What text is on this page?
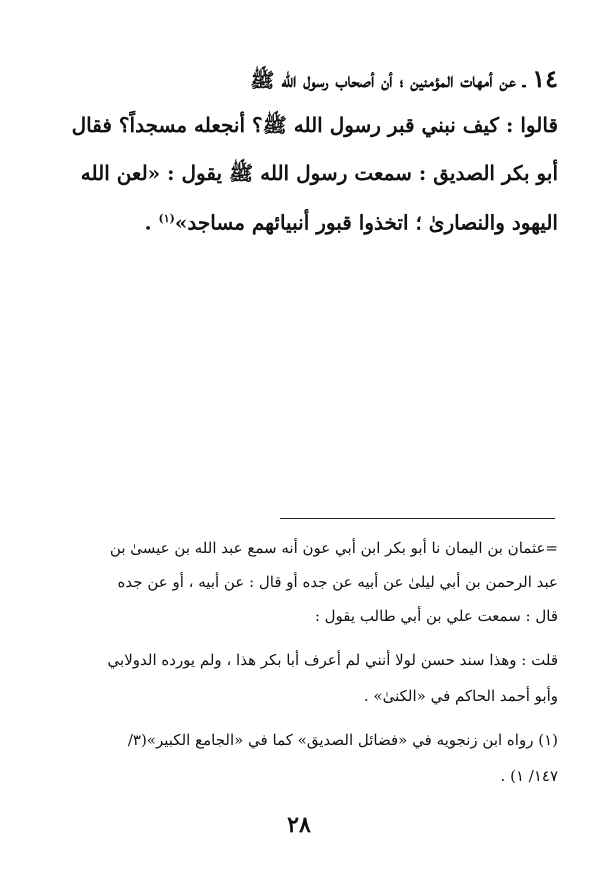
١٤ ـ عن أمهات المؤمنين ؛ أن أصحاب رسول الله ﷺ
قالوا : كيف نبني قبر رسول الله ﷺ؟ أنجعله مسجداً؟ فقال
أبو بكر الصديق : سمعت رسول الله ﷺ يقول : «لعن الله
اليهود والنصارىٰ ؛ اتخذوا قبور أنبيائهم مساجد»$^{(١)}$ .
=عثمان بن اليمان نا أبو بكر ابن أبي عون أنه سمع عبد الله بن عيسىٰ بن
عبد الرحمن بن أبي ليلىٰ عن أبيه عن جده أو قال : عن أبيه ، أو عن جده
قال : سمعت علي بن أبي طالب يقول :
قلت : وهذا سند حسن لولا أنني لم أعرف أبا بكر هذا ، ولم يورده الدولابي
وأبو أحمد الحاكم في «الكنىٰ» .
(١) رواه ابن زنجويه في «فضائل الصديق» كما في «الجامع الكبير»(٣/
١٤٧/ ١) .
٢٨
